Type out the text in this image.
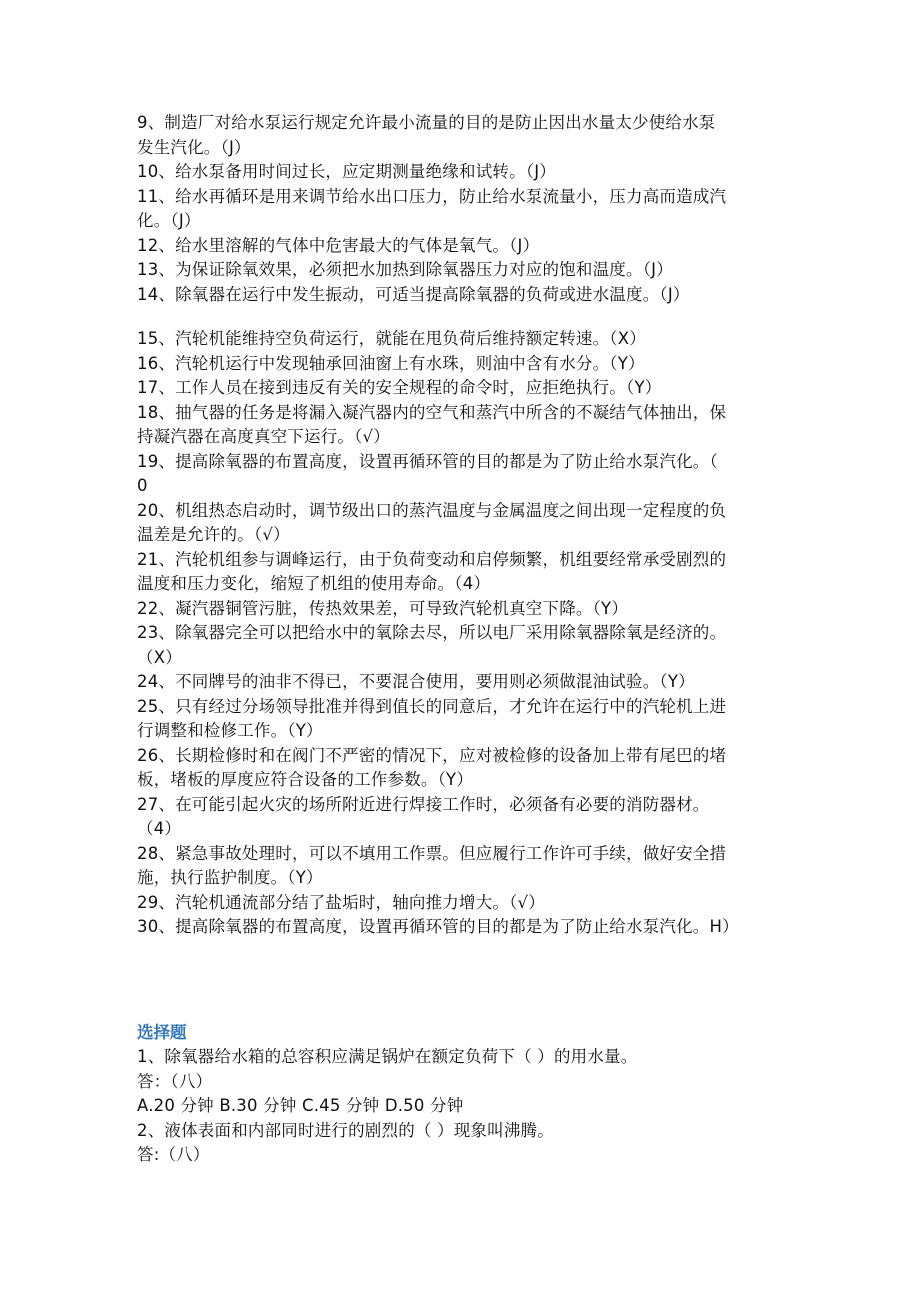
9、制造厂对给水泵运行规定允许最小流量的目的是防止因出水量太少使给水泵
发生汽化。（J）
10、给水泵备用时间过长，应定期测量绝缘和试转。（J）
11、给水再循环是用来调节给水出口压力，防止给水泵流量小，压力高而造成汽
化。（J）
12、给水里溶解的气体中危害最大的气体是氧气。（J）
13、为保证除氧效果，必须把水加热到除氧器压力对应的饱和温度。（J）
14、除氧器在运行中发生振动，可适当提高除氧器的负荷或进水温度。（J）
15、汽轮机能维持空负荷运行，就能在甩负荷后维持额定转速。（X）
16、汽轮机运行中发现轴承回油窗上有水珠，则油中含有水分。（Y）
17、工作人员在接到违反有关的安全规程的命令时，应拒绝执行。（Y）
18、抽气器的任务是将漏入凝汽器内的空气和蒸汽中所含的不凝结气体抽出，保
持凝汽器在高度真空下运行。（√）
19、提高除氧器的布置高度，设置再循环管的目的都是为了防止给水泵汽化。（
0
20、机组热态启动时，调节级出口的蒸汽温度与金属温度之间出现一定程度的负
温差是允许的。（√）
21、汽轮机组参与调峰运行，由于负荷变动和启停频繁，机组要经常承受剧烈的
温度和压力变化，缩短了机组的使用寿命。（4）
22、凝汽器铜管污脏，传热效果差，可导致汽轮机真空下降。（Y）
23、除氧器完全可以把给水中的氧除去尽，所以电厂采用除氧器除氧是经济的。
（X）
24、不同牌号的油非不得已，不要混合使用，要用则必须做混油试验。（Y）
25、只有经过分场领导批准并得到值长的同意后，才允许在运行中的汽轮机上进
行调整和检修工作。（Y）
26、长期检修时和在阀门不严密的情况下，应对被检修的设备加上带有尾巴的堵
板，堵板的厚度应符合设备的工作参数。（Y）
27、在可能引起火灾的场所附近进行焊接工作时，必须备有必要的消防器材。
（4）
28、紧急事故处理时，可以不填用工作票。但应履行工作许可手续，做好安全措
施，执行监护制度。（Y）
29、汽轮机通流部分结了盐垢时，轴向推力增大。（√）
30、提高除氧器的布置高度，设置再循环管的目的都是为了防止给水泵汽化。H）
选择题
1、除氧器给水箱的总容积应满足锅炉在额定负荷下（ ）的用水量。
答：（八）
A.20 分钟 B.30 分钟 C.45 分钟 D.50 分钟
2、液体表面和内部同时进行的剧烈的（ ）现象叫沸腾。
答:（八）
